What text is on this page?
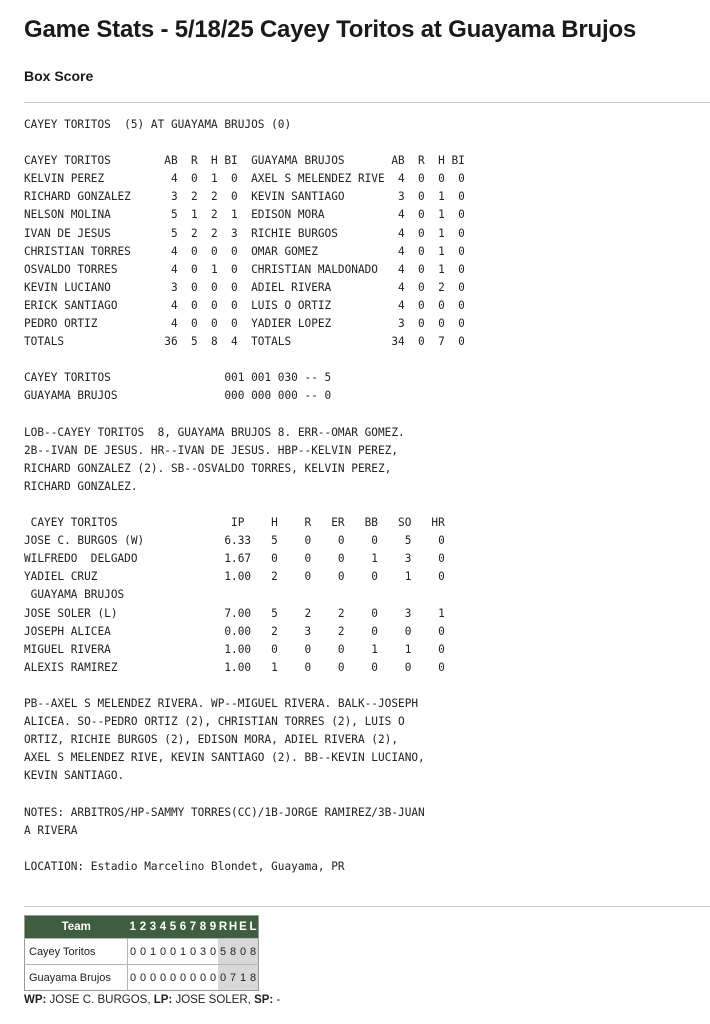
Game Stats - 5/18/25 Cayey Toritos at Guayama Brujos
Box Score
CAYEY TORITOS  (5) AT GUAYAMA BRUJOS (0)
CAYEY TORITOS        AB  R  H BI  GUAYAMA BRUJOS       AB  R  H BI
KELVIN PEREZ          4  0  1  0  AXEL S MELENDEZ RIVE  4  0  0  0
RICHARD GONZALEZ      3  2  2  0  KEVIN SANTIAGO        3  0  1  0
NELSON MOLINA         5  1  2  1  EDISON MORA           4  0  1  0
IVAN DE JESUS         5  2  2  3  RICHIE BURGOS         4  0  1  0
CHRISTIAN TORRES      4  0  0  0  OMAR GOMEZ            4  0  1  0
OSVALDO TORRES        4  0  1  0  CHRISTIAN MALDONADO   4  0  1  0
KEVIN LUCIANO         3  0  0  0  ADIEL RIVERA          4  0  2  0
ERICK SANTIAGO        4  0  0  0  LUIS O ORTIZ          4  0  0  0
PEDRO ORTIZ           4  0  0  0  YADIER LOPEZ          3  0  0  0
TOTALS               36  5  8  4  TOTALS               34  0  7  0
CAYEY TORITOS                 001 001 030 -- 5
GUAYAMA BRUJOS                000 000 000 -- 0
LOB--CAYEY TORITOS  8, GUAYAMA BRUJOS 8. ERR--OMAR GOMEZ.
2B--IVAN DE JESUS. HR--IVAN DE JESUS. HBP--KELVIN PEREZ,
RICHARD GONZALEZ (2). SB--OSVALDO TORRES, KELVIN PEREZ,
RICHARD GONZALEZ.
CAYEY TORITOS                 IP    H    R   ER   BB   SO   HR
JOSE C. BURGOS (W)            6.33   5    0    0    0    5    0
WILFREDO  DELGADO             1.67   0    0    0    1    3    0
YADIEL CRUZ                   1.00   2    0    0    0    1    0
GUAYAMA BRUJOS
JOSE SOLER (L)                7.00   5    2    2    0    3    1
JOSEPH ALICEA                 0.00   2    3    2    0    0    0
MIGUEL RIVERA                 1.00   0    0    0    1    1    0
ALEXIS RAMIREZ                1.00   1    0    0    0    0    0
PB--AXEL S MELENDEZ RIVERA. WP--MIGUEL RIVERA. BALK--JOSEPH
ALICEA. SO--PEDRO ORTIZ (2), CHRISTIAN TORRES (2), LUIS O
ORTIZ, RICHIE BURGOS (2), EDISON MORA, ADIEL RIVERA (2),
AXEL S MELENDEZ RIVE, KEVIN SANTIAGO (2). BB--KEVIN LUCIANO,
KEVIN SANTIAGO.
NOTES: ARBITROS/HP-SAMMY TORRES(CC)/1B-JORGE RAMIREZ/3B-JUAN
A RIVERA
LOCATION: Estadio Marcelino Blondet, Guayama, PR
Team	1	2	3	4	5	6	7	8	9	R	H	E	L
Cayey Toritos	0	0	1	0	0	1	0	3	0	5	8	0	8
Guayama Brujos	0	0	0	0	0	0	0	0	0	0	7	1	8

WP: JOSE C. BURGOS, LP: JOSE SOLER, SP: -
